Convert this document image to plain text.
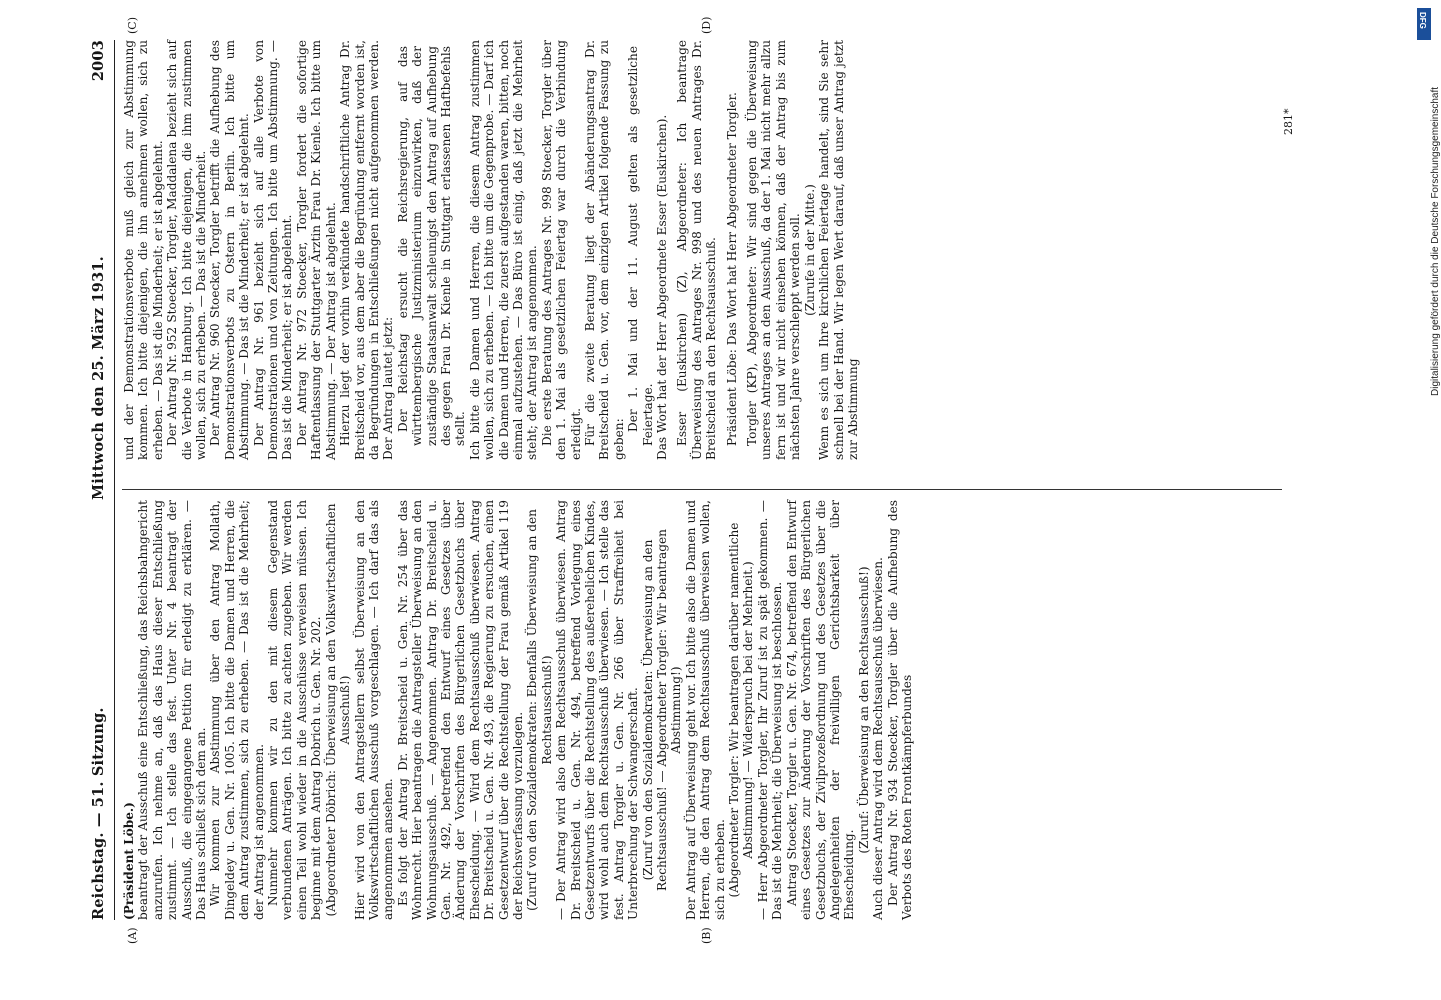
Reichstag. — 51. Sitzung.
Mittwoch den 25. März 1931.
2003
(A)	(B)
(C)	(D)

(Präsident Löbe.) beantragt der Ausschuß eine Entschließung, das Reichsbahngericht anzurufen. Ich nehme an, daß das Haus dieser Entschließung zustimmt. — Ich stelle das fest. Unter Nr. 4 beantragt der Ausschuß, die eingegangene Petition für erledigt zu erklären. — Das Haus schließt sich dem an. Wir kommen zur Abstimmung über den Antrag Mollath, Dingeldey u. Gen. Nr. 1005. Ich bitte die Damen und Herren, die dem Antrag zustimmen, sich zu erheben. — Das ist die Mehrheit; der Antrag ist angenommen. Nunmehr kommen wir zu den mit diesem Gegenstand verbundenen Anträgen. Ich bitte zu achten zugeben. Wir werden einen Teil wohl wieder in die Ausschüsse verweisen müssen. Ich beginne mit dem Antrag Dobrich u. Gen. Nr. 202. (Abgeordneter Döbrich: Überweisung an den Volkswirtschaftlichen Ausschuß!) Hier wird von den Antragstellern selbst Überweisung an den Volkswirtschaftlichen Ausschuß vorgeschlagen. — Ich darf das als angenommen ansehen. Es folgt der Antrag Dr. Breitscheid u. Gen. Nr. 254 über das Wohnrecht. Hier beantragen die Antragsteller Überweisung an den Wohnungsausschuß. — Angenommen. Antrag Dr. Breitscheid u. Gen. Nr. 492, betreffend den Entwurf eines Gesetzes über Änderung der Vorschriften des Bürgerlichen Gesetzbuchs über Ehescheidung. — Wird dem Rechtsausschuß überwiesen. Antrag Dr. Breitscheid u. Gen. Nr. 493, die Regierung zu ersuchen, einen Gesetzentwurf über die Rechtstellung der Frau gemäß Artikel 119 der Reichsverfassung vorzulegen. (Zuruf von den Sozialdemokraten: Ebenfalls Überweisung an den Rechtsausschuß!) — Der Antrag wird also dem Rechtsausschuß überwiesen. Antrag Dr. Breitscheid u. Gen. Nr. 494, betreffend Vorlegung eines Gesetzentwurfs über die Rechtstellung des außerehelichen Kindes, wird wohl auch dem Rechtsausschuß überwiesen. — Ich stelle das fest. Antrag Torgler u. Gen. Nr. 266 über Straffreiheit bei Unterbrechung der Schwangerschaft. (Zuruf von den Sozialdemokraten: Überweisung an den Rechtsausschuß! — Abgeordneter Torgler: Wir beantragen Abstimmung!) Der Antrag auf Überweisung geht vor. Ich bitte also die Damen und Herren, die den Antrag dem Rechtsausschuß überweisen wollen, sich zu erheben. (Abgeordneter Torgler: Wir beantragen darüber namentliche Abstimmung! — Widerspruch bei der Mehrheit.) — Herr Abgeordneter Torgler, Ihr Zuruf ist zu spät gekommen. — Das ist die Mehrheit; die Überweisung ist beschlossen. Antrag Stoecker, Torgler u. Gen. Nr. 674, betreffend den Entwurf eines Gesetzes zur Änderung der Vorschriften des Bürgerlichen Gesetzbuchs, der Zivilprozeßordnung und des Gesetzes über die Angelegenheiten der freiwilligen Gerichtsbarkeit über Ehescheidung.

(Zuruf: Überweisung an den Rechtsausschuß!) Auch dieser Antrag wird dem Rechtsausschuß überwiesen. Der Antrag Nr. 934 Stoecker, Torgler über die Aufhebung des Verbots des Roten Frontkämpferbundes

und der Demonstrationsverbote muß gleich zur Abstimmung kommen. Ich bitte diejenigen, die ihn annehmen wollen, sich zu erheben. — Das ist die Minderheit; er ist abgelehnt. Der Antrag Nr. 952 Stoecker, Torgler, Maddalena bezieht sich auf die Verbote in Hamburg. Ich bitte diejenigen, die ihm zustimmen wollen, sich zu erheben. — Das ist die Minderheit. Der Antrag Nr. 960 Stoecker, Torgler betrifft die Aufhebung des Demonstrationsverbots zu Ostern in Berlin. Ich bitte um Abstimmung. — Das ist die Minderheit; er ist abgelehnt. Der Antrag Nr. 961 bezieht sich auf alle Verbote von Demonstrationen und von Zeitungen. Ich bitte um Abstimmung. — Das ist die Minderheit; er ist abgelehnt. Der Antrag Nr. 972 Stoecker, Torgler fordert die sofortige Haftentlassung der Stuttgarter Ärztin Frau Dr. Kienle. Ich bitte um Abstimmung. — Der Antrag ist abgelehnt. Hierzu liegt der vorhin verkündete handschriftliche Antrag Dr. Breitscheid vor, aus dem aber die Begründung entfernt worden ist, da Begründungen in Entschließungen nicht aufgenommen werden. Der Antrag lautet jetzt: Der Reichstag ersucht die Reichsregierung, auf das württembergische Justizministerium einzuwirken, daß der zuständige Staatsanwalt schleunigst den Antrag auf Aufhebung des gegen Frau Dr. Kienle in Stuttgart erlassenen Haftbefehls stellt. Ich bitte die Damen und Herren, die diesem Antrag zustimmen wollen, sich zu erheben. — Ich bitte um die Gegenprobe. — Darf ich die Damen und Herren, die zuerst aufgestanden waren, bitten, noch einmal aufzustehen. — Das Büro ist einig, daß jetzt die Mehrheit steht; der Antrag ist angenommen. Die erste Beratung des Antrages Nr. 998 Stoecker, Torgler über den 1. Mai als gesetzlichen Feiertag war durch die Verbindung erledigt. Für die zweite Beratung liegt der Abänderungsantrag Dr. Breitscheid u. Gen. vor, dem einzigen Artikel folgende Fassung zu geben:

Der 1. Mai und der 11. August gelten als gesetzliche Feiertage. Das Wort hat der Herr Abgeordnete Esser (Euskirchen). Esser (Euskirchen) (Z), Abgeordneter: Ich beantrage Überweisung des Antrages Nr. 998 und des neuen Antrages Dr. Breitscheid an den Rechtsausschuß. Präsident Löbe: Das Wort hat Herr Abgeordneter Torgler. Torgler (KP), Abgeordneter: Wir sind gegen die Überweisung unseres Antrages an den Ausschuß, da der 1. Mai nicht mehr allzu fern ist und wir nicht einsehen können, daß der Antrag bis zum nächsten Jahre verschleppt werden soll. (Zurufe in der Mitte.) Wenn es sich um Ihre kirchlichen Feiertage handelt, sind Sie sehr schnell bei der Hand. Wir legen Wert darauf, daß unser Antrag jetzt zur Abstimmung

281*
DFG
Digitalisierung gefördert durch die Deutsche Forschungsgemeinschaft
